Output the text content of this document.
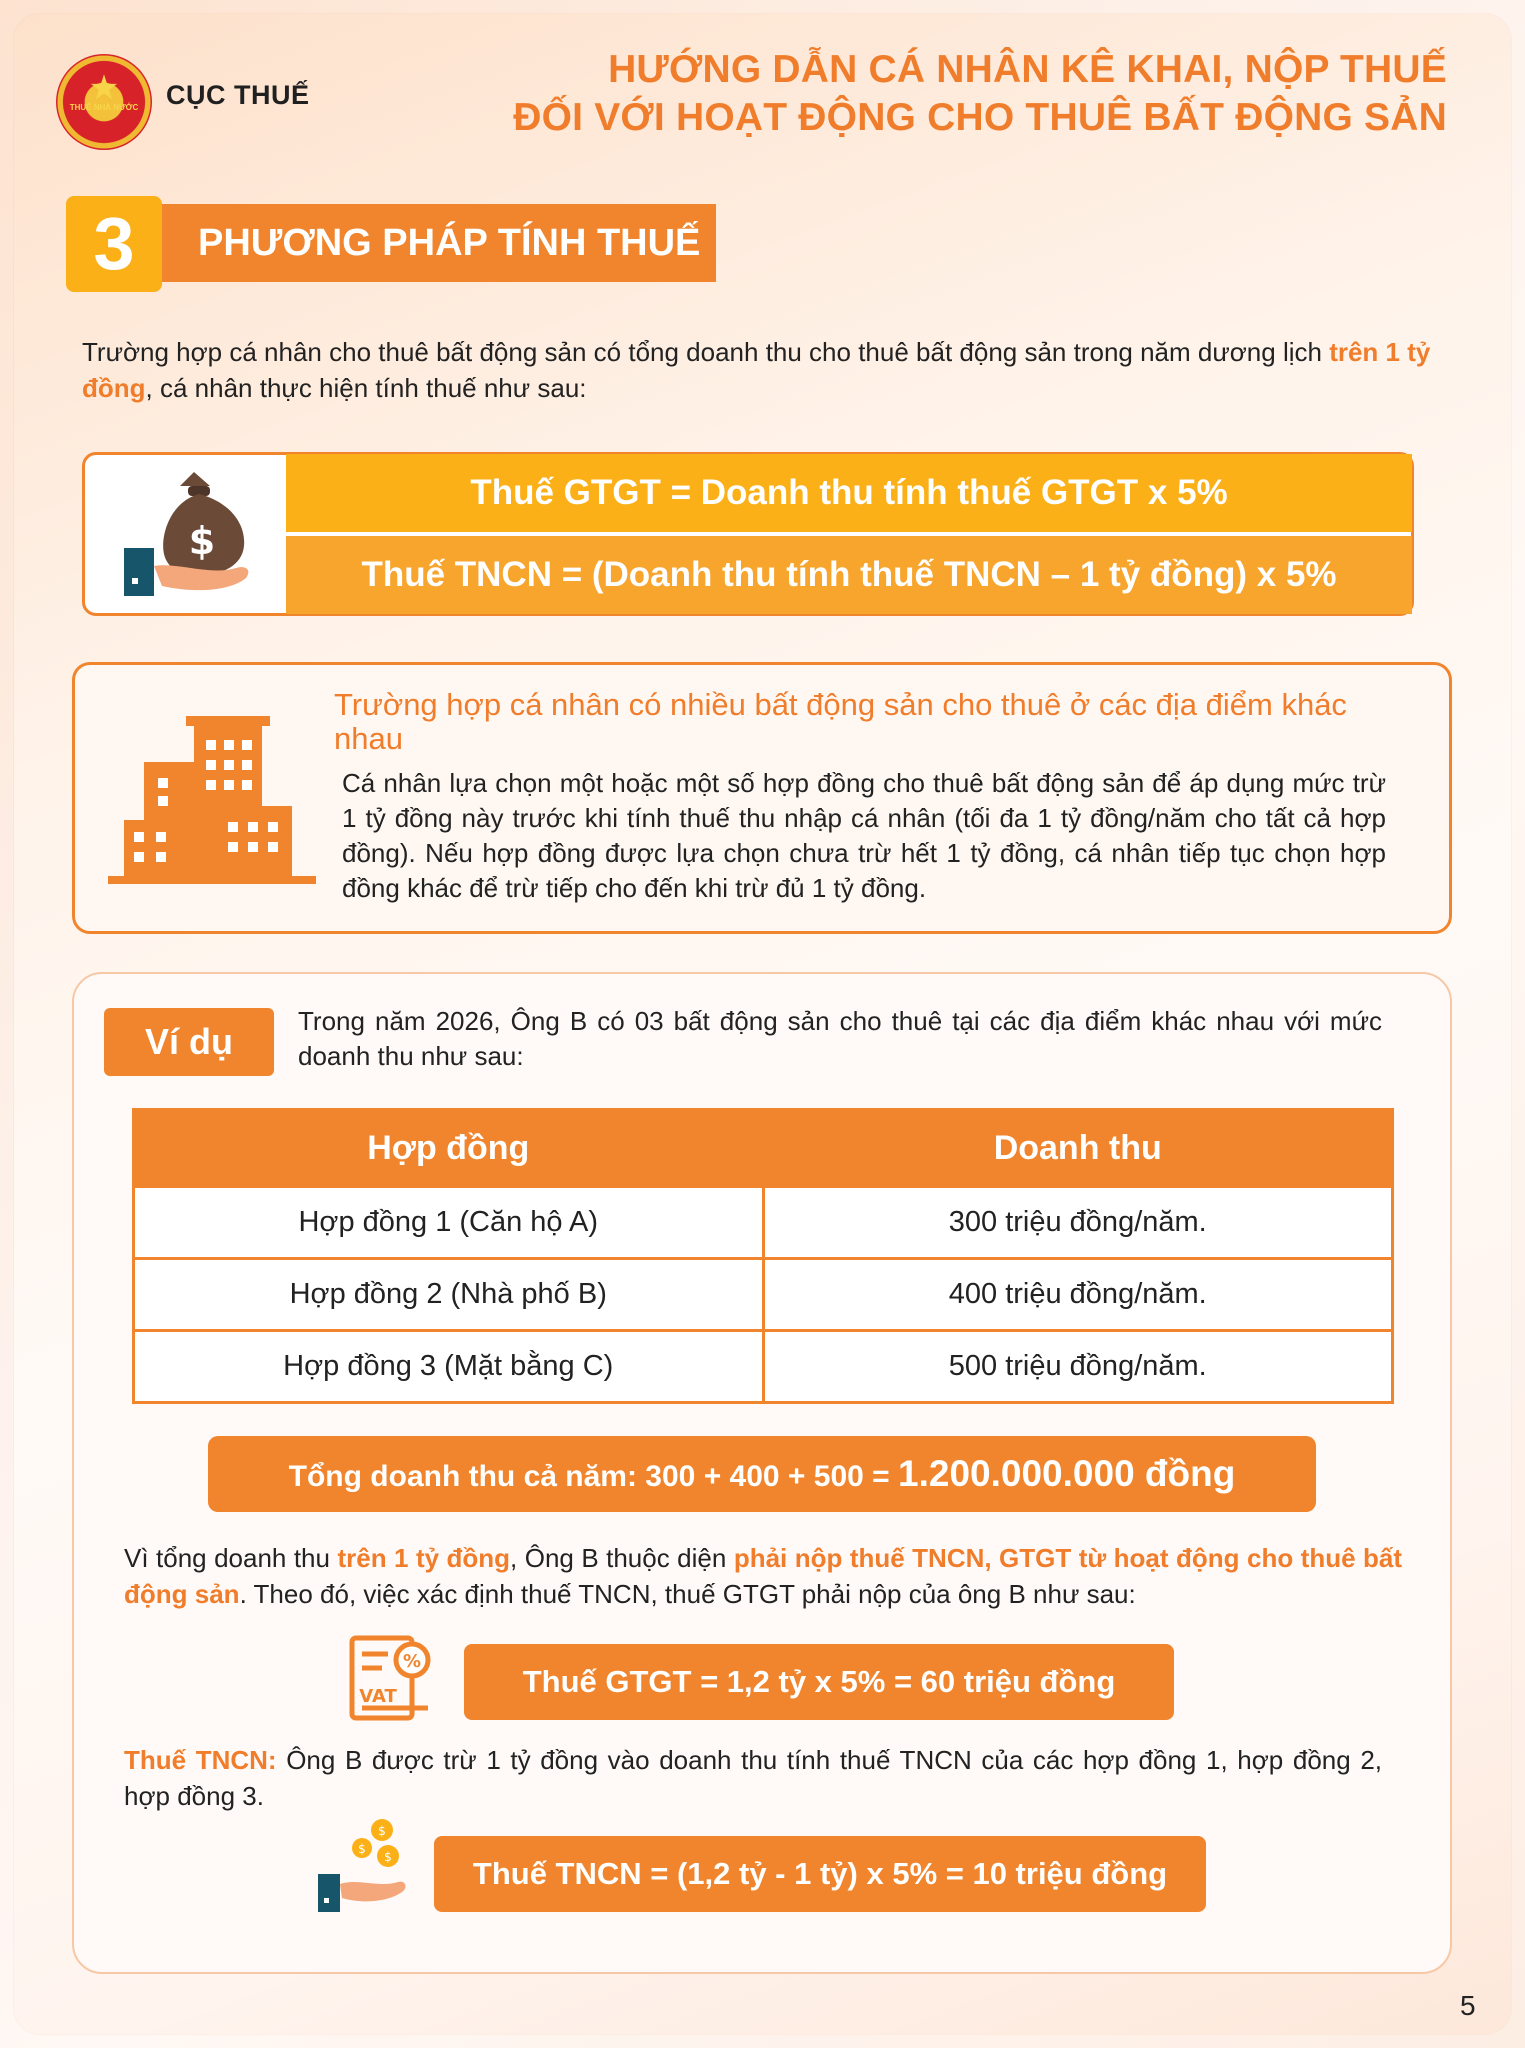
★
THUẾ NHÀ NƯỚC CỤC THUẾ
HƯỚNG DẪN CÁ NHÂN KÊ KHAI, NỘP THUẾ
ĐỐI VỚI HOẠT ĐỘNG CHO THUÊ BẤT ĐỘNG SẢN
PHƯƠNG PHÁP TÍNH THUẾ
3
Trường hợp cá nhân cho thuê bất động sản có tổng doanh thu cho thuê bất động sản trong năm dương lịch trên 1 tỷ đồng, cá nhân thực hiện tính thuế như sau:
$
Thuế GTGT = Doanh thu tính thuế GTGT x 5%
Thuế TNCN = (Doanh thu tính thuế TNCN – 1 tỷ đồng) x 5%
Trường hợp cá nhân có nhiều bất động sản cho thuê ở các địa điểm khác nhau
Cá nhân lựa chọn một hoặc một số hợp đồng cho thuê bất động sản để áp dụng mức trừ 1 tỷ đồng này trước khi tính thuế thu nhập cá nhân (tối đa 1 tỷ đồng/năm cho tất cả hợp đồng). Nếu hợp đồng được lựa chọn chưa trừ hết 1 tỷ đồng, cá nhân tiếp tục chọn hợp đồng khác để trừ tiếp cho đến khi trừ đủ 1 tỷ đồng.
Ví dụ	Trong năm 2026, Ông B có 03 bất động sản cho thuê tại các địa điểm khác nhau với mức doanh thu như sau:
Hợp đồng	Doanh thu
Hợp đồng 1 (Căn hộ A)	300 triệu đồng/năm.
Hợp đồng 2 (Nhà phố B)	400 triệu đồng/năm.
Hợp đồng 3 (Mặt bằng C)	500 triệu đồng/năm.
Tổng doanh thu cả năm: 300 + 400 + 500 = 1.200.000.000 đồng
Vì tổng doanh thu trên 1 tỷ đồng, Ông B thuộc diện phải nộp thuế TNCN, GTGT từ hoạt động cho thuê bất động sản. Theo đó, việc xác định thuế TNCN, thuế GTGT phải nộp của ông B như sau:
%
VAT	Thuế GTGT = 1,2 tỷ x 5% = 60 triệu đồng
Thuế TNCN: Ông B được trừ 1 tỷ đồng vào doanh thu tính thuế TNCN của các hợp đồng 1, hợp đồng 2, hợp đồng 3.
$
$
$	Thuế TNCN = (1,2 tỷ - 1 tỷ) x 5% = 10 triệu đồng
5
